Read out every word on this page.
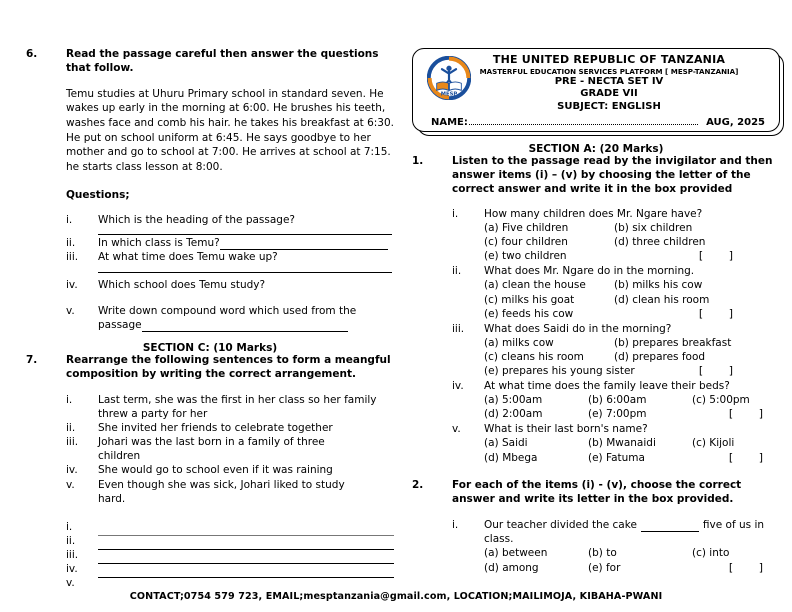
6.	Read the passage careful then answer the questions that follow.
Temu studies at Uhuru Primary school in standard seven. He wakes up early in the morning at 6:00. He brushes his teeth, washes face and comb his hair. he takes his breakfast at 6:30. He put on school uniform at 6:45. He says goodbye to her mother and go to school at 7:00. He arrives at school at 7:15. he starts class lesson at 8:00.
Questions;
i.	Which is the heading of the passage?
ii.	In which class is Temu?
iii.	At what time does Temu wake up?
iv.	Which school does Temu study?
v.	Write down compound word which used from the passage
SECTION C: (10 Marks)
7.	Rearrange the following sentences to form a meangful composition by writing the correct arrangement.
i.	Last term, she was the first in her class so her family threw a party for her
ii.	She invited her friends to celebrate together
iii.	Johari was the last born in a family of three children
iv.	She would go to school even if it was raining
v.	Even though she was sick, Johari liked to study hard.
i.
ii.
iii.
iv.
v.
MESP
THE UNITED REPUBLIC OF TANZANIA
MASTERFUL EDUCATION SERVICES PLATFORM [ MESP-TANZANIA]
PRE - NECTA SET IV
GRADE VII
SUBJECT: ENGLISH
NAME:	AUG, 2025
SECTION A: (20 Marks)
1.	Listen to the passage read by the invigilator and then answer items (i) – (v) by choosing the letter of the correct answer and write it in the box provided
i.	How many children does Mr. Ngare have?
(a) Five children	(b) six children
(c) four children	(d) three children
(e) two children	[ ]
ii.	What does Mr. Ngare do in the morning.
(a) clean the house	(b) milks his cow
(c) milks his goat	(d) clean his room
(e) feeds his cow	[ ]
iii.	What does Saidi do in the morning?
(a) milks cow	(b) prepares breakfast
(c) cleans his room	(d) prepares food
(e) prepares his young sister	[ ]
iv.	At what time does the family leave their beds?
(a) 5:00am	(b) 6:00am	(c) 5:00pm
(d) 2:00am	(e) 7:00pm	[ ]
v.	What is their last born's name?
(a) Saidi	(b) Mwanaidi	(c) Kijoli
(d) Mbega	(e) Fatuma	[ ]
2.	For each of the items (i) - (v), choose the correct answer and write its letter in the box provided.
i.	Our teacher divided the cake	five of us in class.
(a) between	(b) to	(c) into
(d) among	(e) for	[ ]
CONTACT;0754 579 723, EMAIL;mesptanzania@gmail.com, LOCATION;MAILIMOJA, KIBAHA-PWANI
